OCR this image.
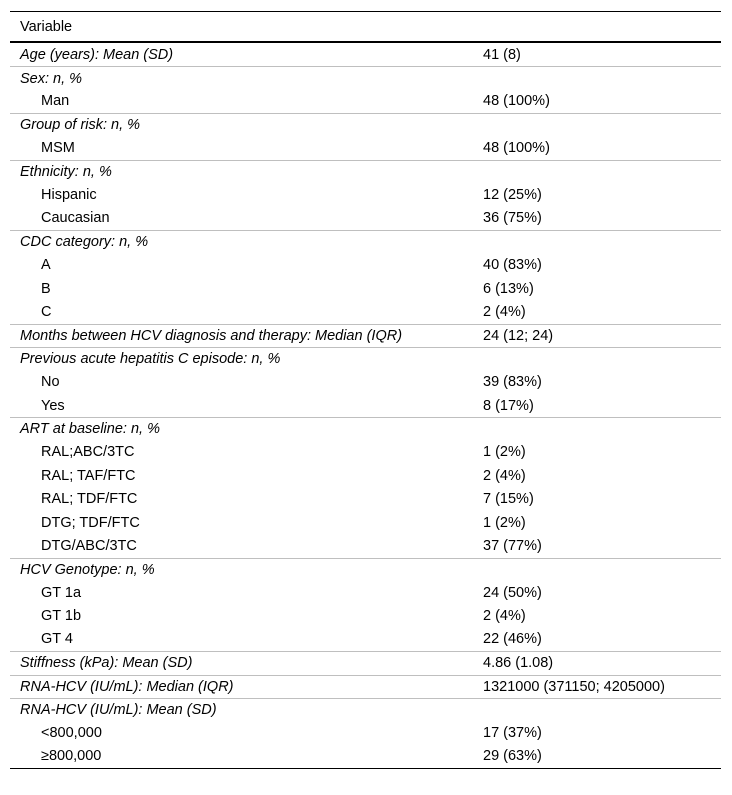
Variable
Age (years): Mean (SD)	41 (8)
Sex: n, %
Man	48 (100%)
Group of risk: n, %
MSM	48 (100%)
Ethnicity: n, %
Hispanic	12 (25%)
Caucasian	36 (75%)
CDC category: n, %
A	40 (83%)
B	6 (13%)
C	2 (4%)
Months between HCV diagnosis and therapy: Median (IQR)	24 (12; 24)
Previous acute hepatitis C episode: n, %
No	39 (83%)
Yes	8 (17%)
ART at baseline: n, %
RAL;ABC/3TC	1 (2%)
RAL; TAF/FTC	2 (4%)
RAL; TDF/FTC	7 (15%)
DTG; TDF/FTC	1 (2%)
DTG/ABC/3TC	37 (77%)
HCV Genotype: n, %
GT 1a	24 (50%)
GT 1b	2 (4%)
GT 4	22 (46%)
Stiffness (kPa): Mean (SD)	4.86 (1.08)
RNA-HCV (IU/mL): Median (IQR)	1321000 (371150; 4205000)
RNA-HCV (IU/mL): Mean (SD)
<800,000	17 (37%)
≥800,000	29 (63%)
